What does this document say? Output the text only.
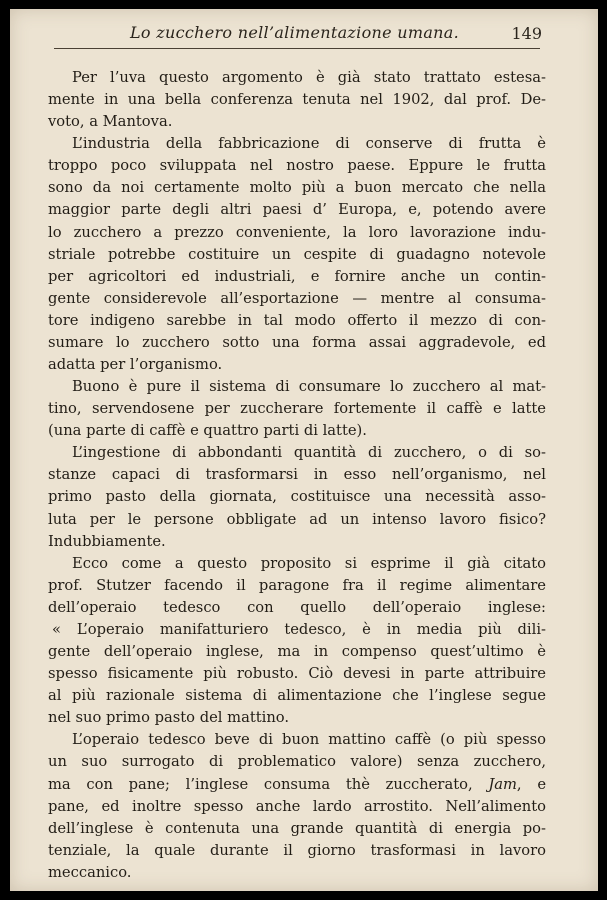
Lo zucchero nell’alimentazione umana.	149
Per l’uva questo argomento è già stato trattato estesa-
mente in una bella conferenza tenuta nel 1902, dal prof. De-
voto, a Mantova.
L’industria della fabbricazione di conserve di frutta è
troppo poco sviluppata nel nostro paese. Eppure le frutta
sono da noi certamente molto più a buon mercato che nella
maggior parte degli altri paesi d’ Europa, e, potendo avere
lo zucchero a prezzo conveniente, la loro lavorazione indu-
striale potrebbe costituire un cespite di guadagno notevole
per agricoltori ed industriali, e fornire anche un contin-
gente considerevole all’esportazione — mentre al consuma-
tore indigeno sarebbe in tal modo offerto il mezzo di con-
sumare lo zucchero sotto una forma assai aggradevole, ed
adatta per l’organismo.
Buono è pure il sistema di consumare lo zucchero al mat-
tino, servendosene per zuccherare fortemente il caffè e latte
(una parte di caffè e quattro parti di latte).
L’ingestione di abbondanti quantità di zucchero, o di so-
stanze capaci di trasformarsi in esso nell’organismo, nel
primo pasto della giornata, costituisce una necessità asso-
luta per le persone obbligate ad un intenso lavoro fisico?
Indubbiamente.
Ecco come a questo proposito si esprime il già citato
prof. Stutzer facendo il paragone fra il regime alimentare
dell’operaio tedesco con quello dell’operaio inglese:
« L’operaio manifatturiero tedesco, è in media più dili-
gente dell’operaio inglese, ma in compenso quest’ultimo è
spesso fisicamente più robusto. Ciò devesi in parte attribuire
al più razionale sistema di alimentazione che l’inglese segue
nel suo primo pasto del mattino.
L’operaio tedesco beve di buon mattino caffè (o più spesso
un suo surrogato di problematico valore) senza zucchero,
ma con pane; l’inglese consuma thè zuccherato, Jam, e
pane, ed inoltre spesso anche lardo arrostito. Nell’alimento
dell’inglese è contenuta una grande quantità di energia po-
tenziale, la quale durante il giorno trasformasi in lavoro
meccanico.
